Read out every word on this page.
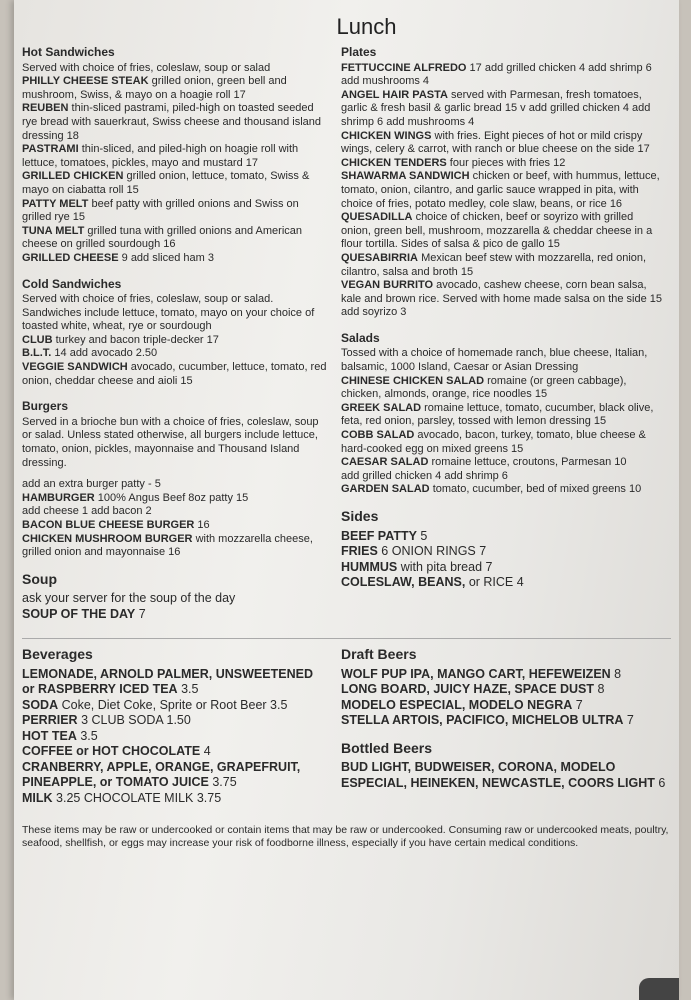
Lunch
Hot Sandwiches
Served with choice of fries, coleslaw, soup or salad
PHILLY CHEESE STEAK grilled onion, green bell and mushroom, Swiss, & mayo on a hoagie roll 17
REUBEN thin-sliced pastrami, piled-high on toasted seeded rye bread with sauerkraut, Swiss cheese and thousand island dressing 18
PASTRAMI thin-sliced, and piled-high on hoagie roll with lettuce, tomatoes, pickles, mayo and mustard 17
GRILLED CHICKEN grilled onion, lettuce, tomato, Swiss & mayo on ciabatta roll 15
PATTY MELT beef patty with grilled onions and Swiss on grilled rye 15
TUNA MELT grilled tuna with grilled onions and American cheese on grilled sourdough 16
GRILLED CHEESE 9 add sliced ham 3
Cold Sandwiches
Served with choice of fries, coleslaw, soup or salad. Sandwiches include lettuce, tomato, mayo on your choice of toasted white, wheat, rye or sourdough
CLUB turkey and bacon triple-decker 17
B.L.T. 14 add avocado 2.50
VEGGIE SANDWICH avocado, cucumber, lettuce, tomato, red onion, cheddar cheese and aioli 15
Burgers
Served in a brioche bun with a choice of fries, coleslaw, soup or salad. Unless stated otherwise, all burgers include lettuce, tomato, onion, pickles, mayonnaise and Thousand Island dressing.
add an extra burger patty - 5
HAMBURGER 100% Angus Beef 8oz patty 15
add cheese 1 add bacon 2
BACON BLUE CHEESE BURGER 16
CHICKEN MUSHROOM BURGER with mozzarella cheese, grilled onion and mayonnaise 16
Soup
ask your server for the soup of the day
SOUP OF THE DAY 7
Plates
FETTUCCINE ALFREDO 17 add grilled chicken 4 add shrimp 6 add mushrooms 4
ANGEL HAIR PASTA served with Parmesan, fresh tomatoes, garlic & fresh basil & garlic bread 15 v add grilled chicken 4 add shrimp 6 add mushrooms 4
CHICKEN WINGS with fries. Eight pieces of hot or mild crispy wings, celery & carrot, with ranch or blue cheese on the side 17
CHICKEN TENDERS four pieces with fries 12
SHAWARMA SANDWICH chicken or beef, with hummus, lettuce, tomato, onion, cilantro, and garlic sauce wrapped in pita, with choice of fries, potato medley, cole slaw, beans, or rice 16
QUESADILLA choice of chicken, beef or soyrizo with grilled onion, green bell, mushroom, mozzarella & cheddar cheese in a flour tortilla. Sides of salsa & pico de gallo 15
QUESABIRRIA Mexican beef stew with mozzarella, red onion, cilantro, salsa and broth 15
VEGAN BURRITO avocado, cashew cheese, corn bean salsa, kale and brown rice. Served with home made salsa on the side 15
add soyrizo 3
Salads
Tossed with a choice of homemade ranch, blue cheese, Italian, balsamic, 1000 Island, Caesar or Asian Dressing
CHINESE CHICKEN SALAD romaine (or green cabbage), chicken, almonds, orange, rice noodles 15
GREEK SALAD romaine lettuce, tomato, cucumber, black olive, feta, red onion, parsley, tossed with lemon dressing 15
COBB SALAD avocado, bacon, turkey, tomato, blue cheese & hard-cooked egg on mixed greens 15
CAESAR SALAD romaine lettuce, croutons, Parmesan 10
add grilled chicken 4 add shrimp 6
GARDEN SALAD tomato, cucumber, bed of mixed greens 10
Sides
BEEF PATTY 5
FRIES 6 ONION RINGS 7
HUMMUS with pita bread 7
COLESLAW, BEANS, or RICE 4
Beverages
LEMONADE, ARNOLD PALMER, UNSWEETENED or RASPBERRY ICED TEA 3.5
SODA Coke, Diet Coke, Sprite or Root Beer 3.5
PERRIER 3 CLUB SODA 1.50
HOT TEA 3.5
COFFEE or HOT CHOCOLATE 4
CRANBERRY, APPLE, ORANGE, GRAPEFRUIT, PINEAPPLE, or TOMATO JUICE 3.75
MILK 3.25 CHOCOLATE MILK 3.75
Draft Beers
WOLF PUP IPA, MANGO CART, HEFEWEIZEN 8
LONG BOARD, JUICY HAZE, SPACE DUST 8
MODELO ESPECIAL, MODELO NEGRA 7
STELLA ARTOIS, PACIFICO, MICHELOB ULTRA 7
Bottled Beers
BUD LIGHT, BUDWEISER, CORONA, MODELO ESPECIAL, HEINEKEN, NEWCASTLE, COORS LIGHT 6
These items may be raw or undercooked or contain items that may be raw or undercooked. Consuming raw or undercooked meats, poultry, seafood, shellfish, or eggs may increase your risk of foodborne illness, especially if you have certain medical conditions.
